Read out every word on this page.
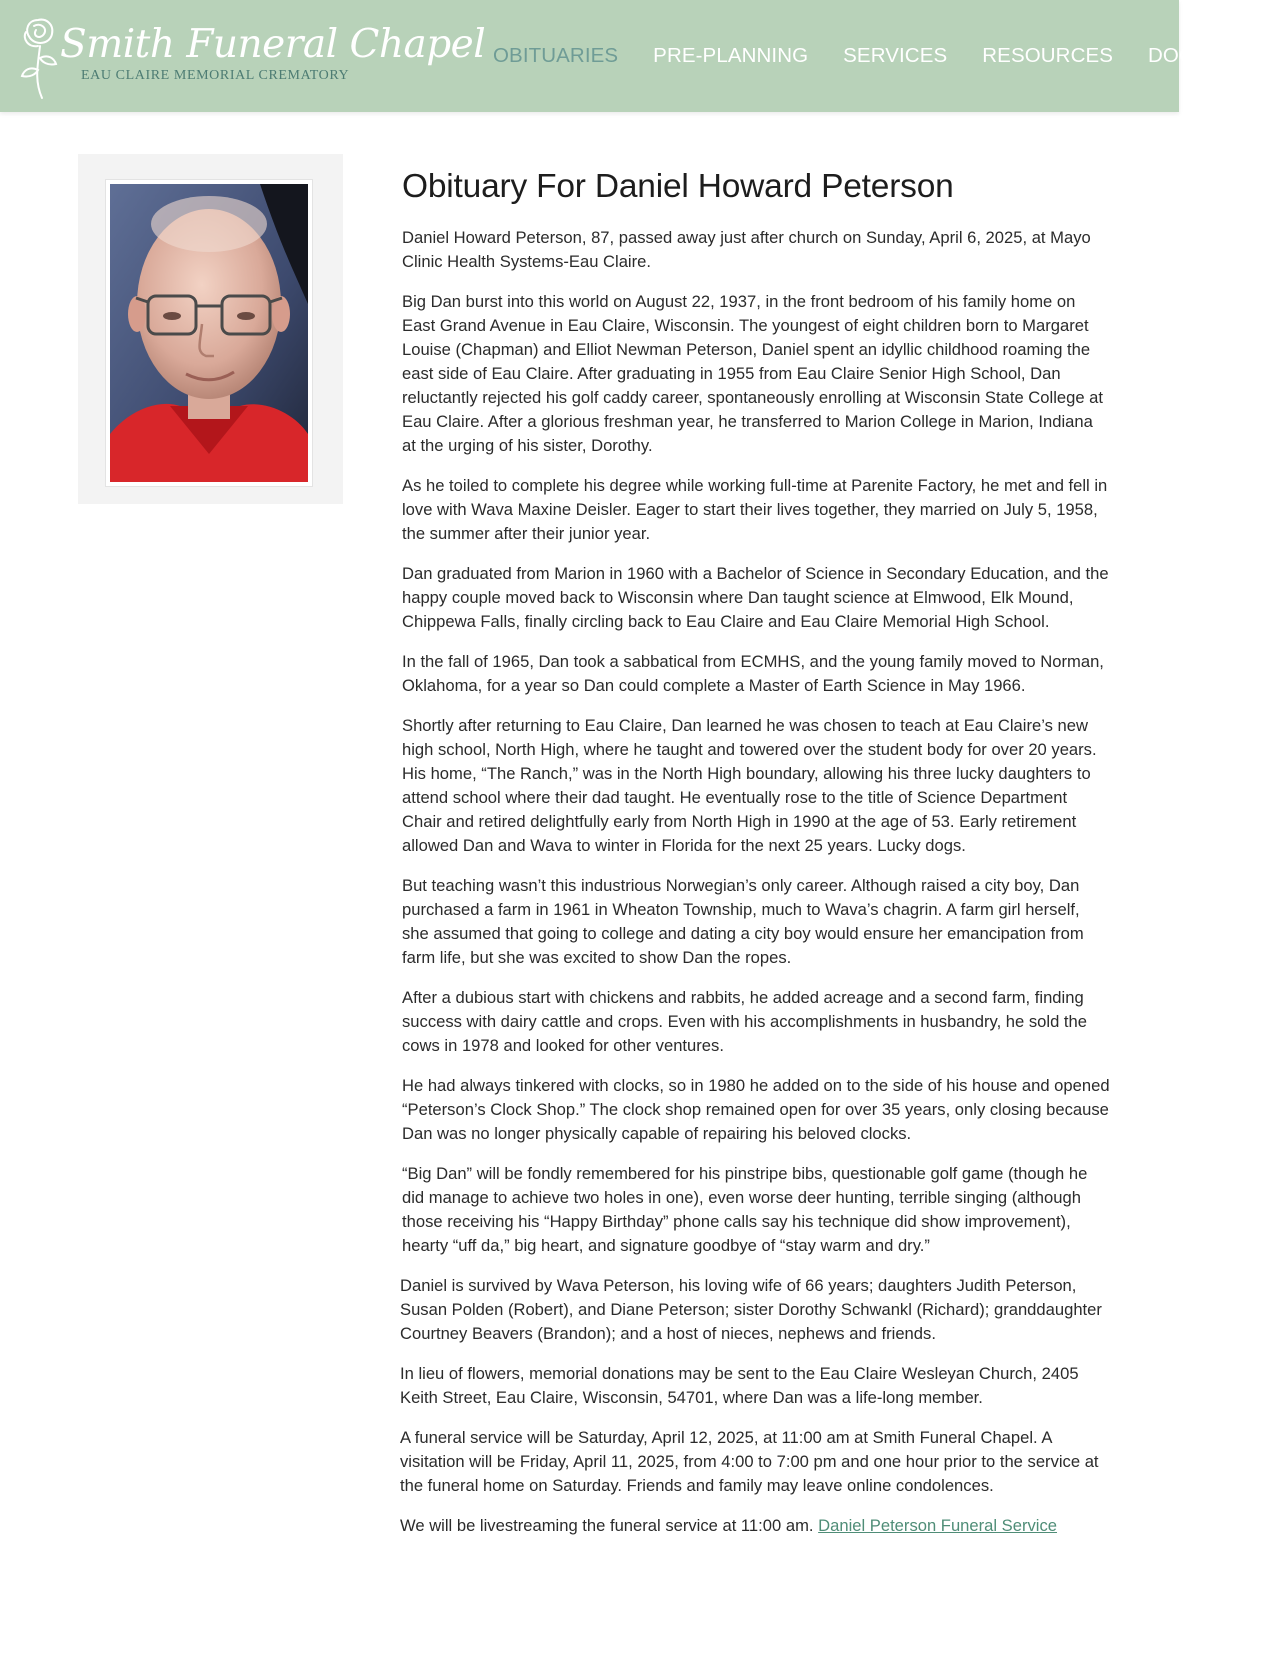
Smith Funeral Chapel
EAU CLAIRE MEMORIAL CREMATORY
OBITUARIES PRE-PLANNING SERVICES RESOURCES DOCUME
Obituary For Daniel Howard Peterson

Daniel Howard Peterson, 87, passed away just after church on Sunday, April 6, 2025, at Mayo Clinic Health Systems-Eau Claire.

Big Dan burst into this world on August 22, 1937, in the front bedroom of his family home on East Grand Avenue in Eau Claire, Wisconsin. The youngest of eight children born to Margaret Louise (Chapman) and Elliot Newman Peterson, Daniel spent an idyllic childhood roaming the east side of Eau Claire. After graduating in 1955 from Eau Claire Senior High School, Dan reluctantly rejected his golf caddy career, spontaneously enrolling at Wisconsin State College at Eau Claire. After a glorious freshman year, he transferred to Marion College in Marion, Indiana at the urging of his sister, Dorothy.

As he toiled to complete his degree while working full-time at Parenite Factory, he met and fell in love with Wava Maxine Deisler. Eager to start their lives together, they married on July 5, 1958, the summer after their junior year.

Dan graduated from Marion in 1960 with a Bachelor of Science in Secondary Education, and the happy couple moved back to Wisconsin where Dan taught science at Elmwood, Elk Mound, Chippewa Falls, finally circling back to Eau Claire and Eau Claire Memorial High School.

In the fall of 1965, Dan took a sabbatical from ECMHS, and the young family moved to Norman, Oklahoma, for a year so Dan could complete a Master of Earth Science in May 1966.

Shortly after returning to Eau Claire, Dan learned he was chosen to teach at Eau Claire’s new high school, North High, where he taught and towered over the student body for over 20 years. His home, “The Ranch,” was in the North High boundary, allowing his three lucky daughters to attend school where their dad taught. He eventually rose to the title of Science Department Chair and retired delightfully early from North High in 1990 at the age of 53. Early retirement allowed Dan and Wava to winter in Florida for the next 25 years. Lucky dogs.

But teaching wasn’t this industrious Norwegian’s only career. Although raised a city boy, Dan purchased a farm in 1961 in Wheaton Township, much to Wava’s chagrin. A farm girl herself, she assumed that going to college and dating a city boy would ensure her emancipation from farm life, but she was excited to show Dan the ropes.

After a dubious start with chickens and rabbits, he added acreage and a second farm, finding success with dairy cattle and crops. Even with his accomplishments in husbandry, he sold the cows in 1978 and looked for other ventures.

He had always tinkered with clocks, so in 1980 he added on to the side of his house and opened “Peterson’s Clock Shop.” The clock shop remained open for over 35 years, only closing because Dan was no longer physically capable of repairing his beloved clocks.

“Big Dan” will be fondly remembered for his pinstripe bibs, questionable golf game (though he did manage to achieve two holes in one), even worse deer hunting, terrible singing (although those receiving his “Happy Birthday” phone calls say his technique did show improvement), hearty “uff da,” big heart, and signature goodbye of “stay warm and dry.”

Daniel is survived by Wava Peterson, his loving wife of 66 years; daughters Judith Peterson, Susan Polden (Robert), and Diane Peterson; sister Dorothy Schwankl (Richard); granddaughter Courtney Beavers (Brandon); and a host of nieces, nephews and friends.

In lieu of flowers, memorial donations may be sent to the Eau Claire Wesleyan Church, 2405 Keith Street, Eau Claire, Wisconsin, 54701, where Dan was a life-long member.

A funeral service will be Saturday, April 12, 2025, at 11:00 am at Smith Funeral Chapel. A visitation will be Friday, April 11, 2025, from 4:00 to 7:00 pm and one hour prior to the service at the funeral home on Saturday. Friends and family may leave online condolences.

We will be livestreaming the funeral service at 11:00 am. Daniel Peterson Funeral Service
